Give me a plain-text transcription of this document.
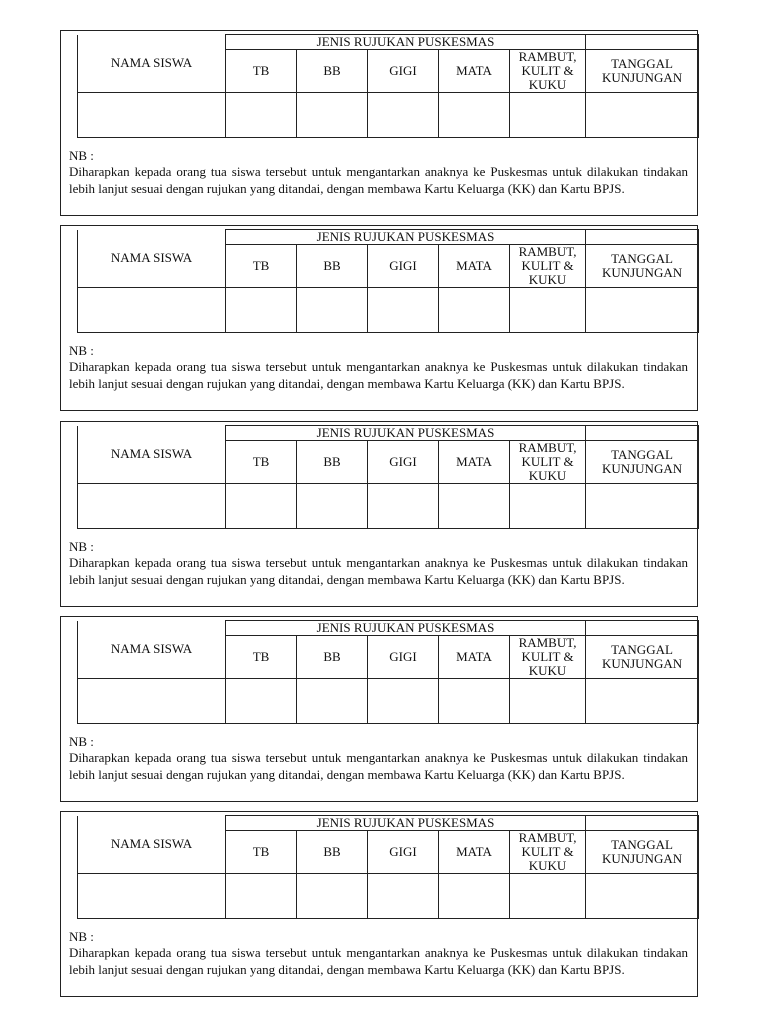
NAMA SISWA	JENIS RUJUKAN PUSKESMAS					
	TB	BB	GIGI	MATA	RAMBUT, KULIT & KUKU	TANGGAL KUNJUNGAN

NB :

Diharapkan kepada orang tua siswa tersebut untuk mengantarkan anaknya ke Puskesmas untuk dilakukan tindakan lebih lanjut sesuai dengan rujukan yang ditandai, dengan membawa Kartu Keluarga (KK) dan Kartu BPJS.

NAMA SISWA	JENIS RUJUKAN PUSKESMAS					
	TB	BB	GIGI	MATA	RAMBUT, KULIT & KUKU	TANGGAL KUNJUNGAN

NB :

Diharapkan kepada orang tua siswa tersebut untuk mengantarkan anaknya ke Puskesmas untuk dilakukan tindakan lebih lanjut sesuai dengan rujukan yang ditandai, dengan membawa Kartu Keluarga (KK) dan Kartu BPJS.

NAMA SISWA	JENIS RUJUKAN PUSKESMAS					
	TB	BB	GIGI	MATA	RAMBUT, KULIT & KUKU	TANGGAL KUNJUNGAN

NB :

Diharapkan kepada orang tua siswa tersebut untuk mengantarkan anaknya ke Puskesmas untuk dilakukan tindakan lebih lanjut sesuai dengan rujukan yang ditandai, dengan membawa Kartu Keluarga (KK) dan Kartu BPJS.

NAMA SISWA	JENIS RUJUKAN PUSKESMAS					
	TB	BB	GIGI	MATA	RAMBUT, KULIT & KUKU	TANGGAL KUNJUNGAN

NB :

Diharapkan kepada orang tua siswa tersebut untuk mengantarkan anaknya ke Puskesmas untuk dilakukan tindakan lebih lanjut sesuai dengan rujukan yang ditandai, dengan membawa Kartu Keluarga (KK) dan Kartu BPJS.

NAMA SISWA	JENIS RUJUKAN PUSKESMAS					
	TB	BB	GIGI	MATA	RAMBUT, KULIT & KUKU	TANGGAL KUNJUNGAN

NB :

Diharapkan kepada orang tua siswa tersebut untuk mengantarkan anaknya ke Puskesmas untuk dilakukan tindakan lebih lanjut sesuai dengan rujukan yang ditandai, dengan membawa Kartu Keluarga (KK) dan Kartu BPJS.
